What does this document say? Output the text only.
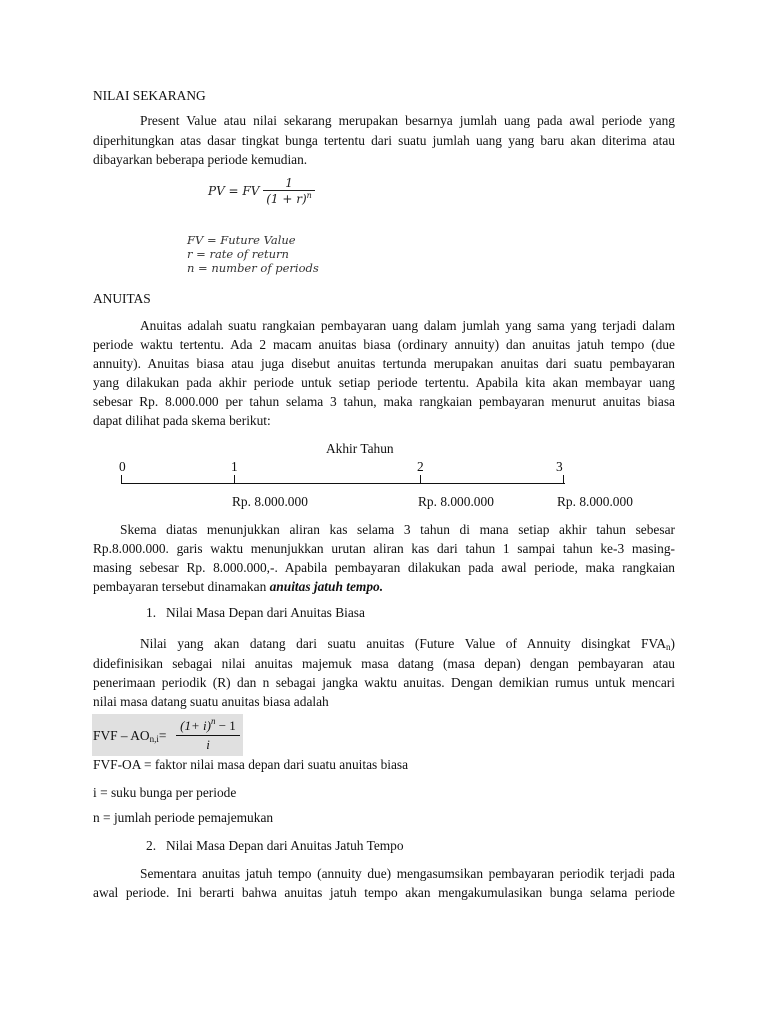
NILAI SEKARANG
Present Value atau nilai sekarang merupakan besarnya jumlah uang pada awal periode yang
diperhitungkan atas dasar tingkat bunga tertentu dari suatu jumlah uang yang baru akan diterima atau
dibayarkan beberapa periode kemudian.
PV = FV $\frac{1}{(1 + r)^n}$
FV = Future Value
r = rate of return
n = number of periods
ANUITAS
Anuitas adalah suatu rangkaian pembayaran uang dalam jumlah yang sama yang terjadi dalam
periode waktu tertentu. Ada 2 macam anuitas biasa (ordinary annuity) dan anuitas jatuh tempo (due
annuity). Anuitas biasa atau juga disebut anuitas tertunda merupakan anuitas dari suatu pembayaran
yang dilakukan pada akhir periode untuk setiap periode tertentu. Apabila kita akan membayar uang
sebesar Rp. 8.000.000 per tahun selama 3 tahun, maka rangkaian pembayaran menurut anuitas biasa
dapat dilihat pada skema berikut:
Akhir Tahun
0	1	2	3
Rp. 8.000.000	Rp. 8.000.000	Rp. 8.000.000
Skema diatas menunjukkan aliran kas selama 3 tahun di mana setiap akhir tahun sebesar
Rp.8.000.000. garis waktu menunjukkan urutan aliran kas dari tahun 1 sampai tahun ke-3 masing-
masing sebesar Rp. 8.000.000,-. Apabila pembayaran dilakukan pada awal periode, maka rangkaian
pembayaran tersebut dinamakan anuitas jatuh tempo.
1. Nilai Masa Depan dari Anuitas Biasa
Nilai yang akan datang dari suatu anuitas (Future Value of Annuity disingkat $FVA_n$)
didefinisikan sebagai nilai anuitas majemuk masa datang (masa depan) dengan pembayaran atau
penerimaan periodik (R) dan n sebagai jangka waktu anuitas. Dengan demikian rumus untuk mencari
nilai masa datang suatu anuitas biasa adalah
FVF – $AO_{n,i}= \frac{(1+ i)^n - 1}{i}$
FVF-OA = faktor nilai masa depan dari suatu anuitas biasa
i = suku bunga per periode
n = jumlah periode pemajemukan
2. Nilai Masa Depan dari Anuitas Jatuh Tempo
Sementara anuitas jatuh tempo (annuity due) mengasumsikan pembayaran periodik terjadi pada
awal periode. Ini berarti bahwa anuitas jatuh tempo akan mengakumulasikan bunga selama periode
